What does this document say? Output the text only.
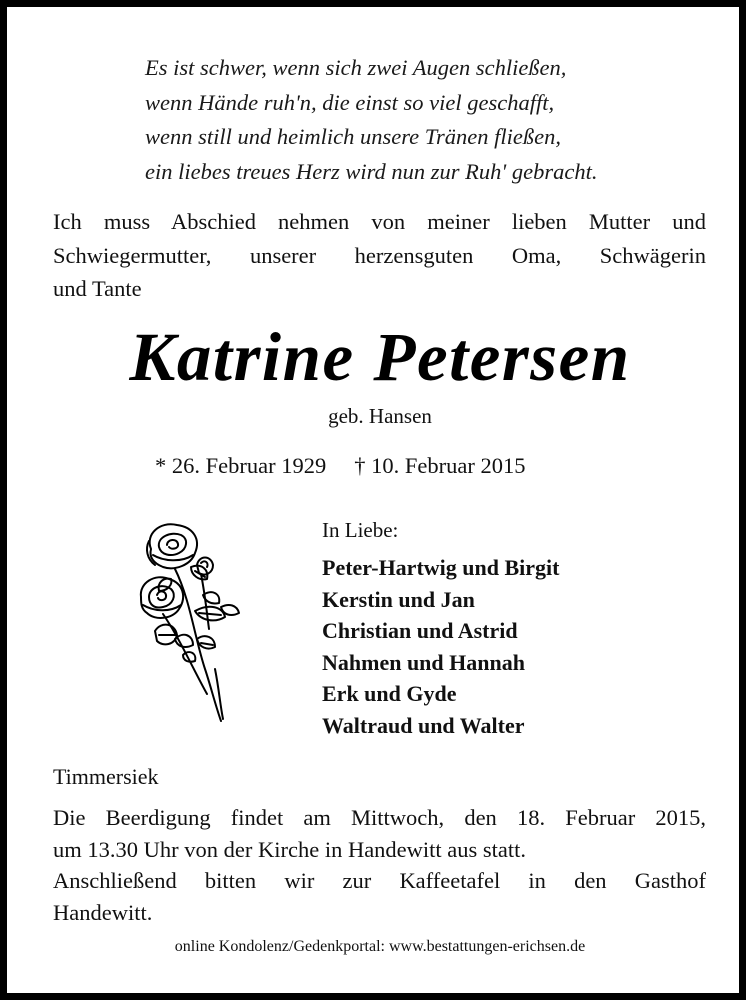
Es ist schwer, wenn sich zwei Augen schließen,
wenn Hände ruh'n, die einst so viel geschafft,
wenn still und heimlich unsere Tränen fließen,
ein liebes treues Herz wird nun zur Ruh' gebracht.
Ich muss Abschied nehmen von meiner lieben Mutter und
Schwiegermutter, unserer herzensguten Oma, Schwägerin
und Tante
Katrine Petersen
geb. Hansen
* 26. Februar 1929 † 10. Februar 2015
In Liebe:
Peter-Hartwig und Birgit
Kerstin und Jan
Christian und Astrid
Nahmen und Hannah
Erk und Gyde
Waltraud und Walter
Timmersiek
Die Beerdigung findet am Mittwoch, den 18. Februar 2015,
um 13.30 Uhr von der Kirche in Handewitt aus statt.
Anschließend bitten wir zur Kaffeetafel in den Gasthof
Handewitt.
online Kondolenz/Gedenkportal: www.bestattungen-erichsen.de
